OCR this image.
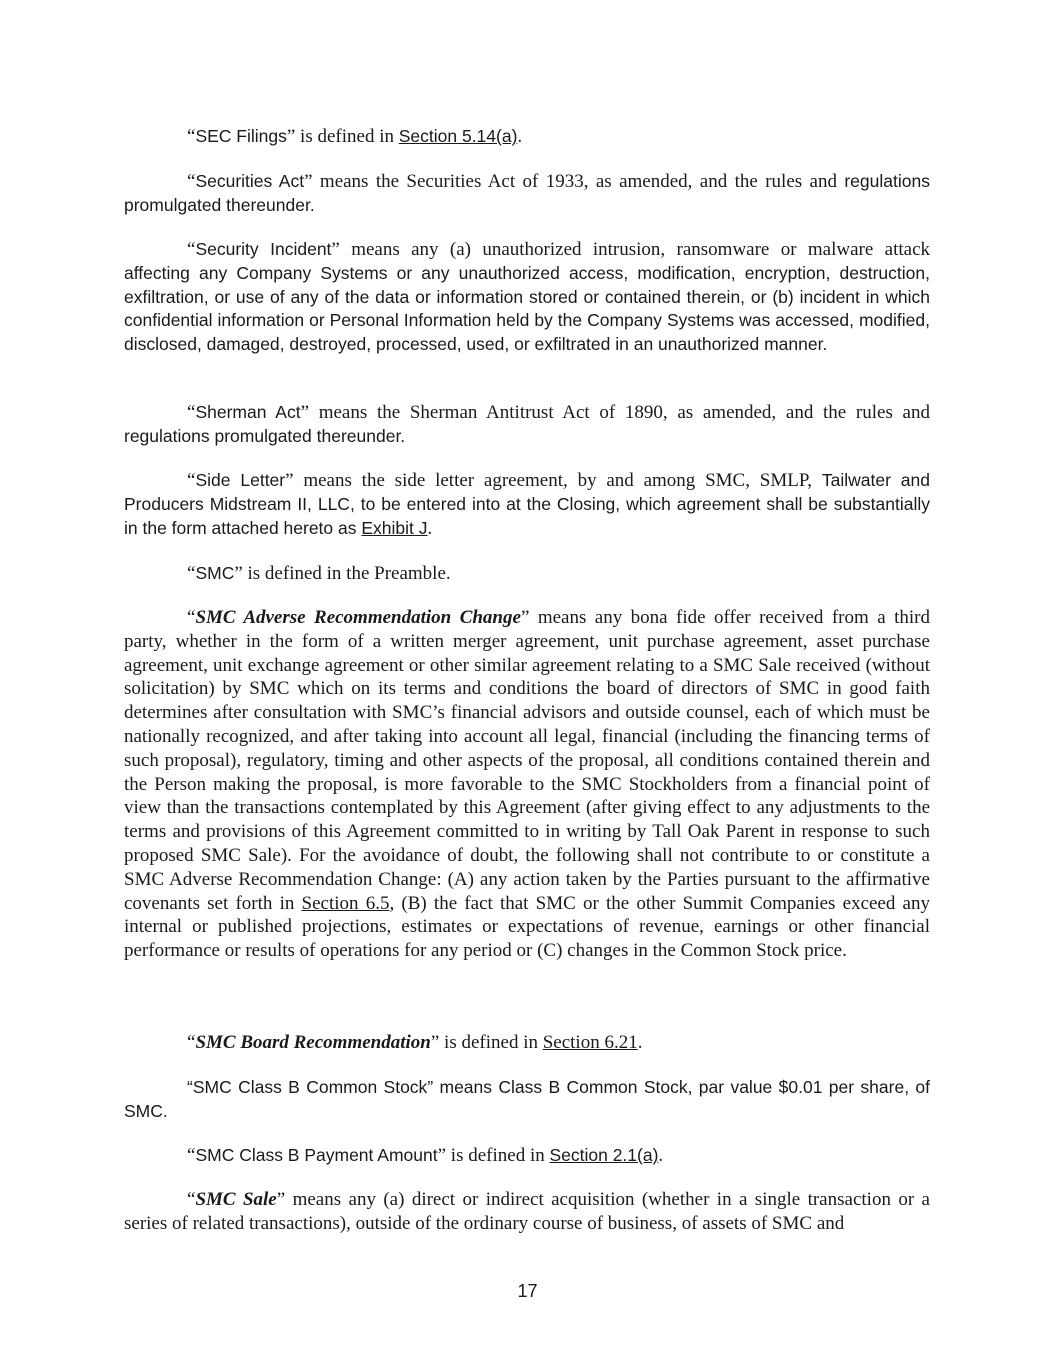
“SEC Filings” is defined in Section 5.14(a).

“Securities Act” means the Securities Act of 1933, as amended, and the rules and regulations promulgated thereunder.

“Security Incident” means any (a) unauthorized intrusion, ransomware or malware attack affecting any Company Systems or any unauthorized access, modification, encryption, destruction, exfiltration, or use of any of the data or information stored or contained therein, or (b) incident in which confidential information or Personal Information held by the Company Systems was accessed, modified, disclosed, damaged, destroyed, processed, used, or exfiltrated in an unauthorized manner.

“Sherman Act” means the Sherman Antitrust Act of 1890, as amended, and the rules and regulations promulgated thereunder.

“Side Letter” means the side letter agreement, by and among SMC, SMLP, Tailwater and Producers Midstream II, LLC, to be entered into at the Closing, which agreement shall be substantially in the form attached hereto as Exhibit J.

“SMC” is defined in the Preamble.

“SMC Adverse Recommendation Change” means any bona fide offer received from a third party, whether in the form of a written merger agreement, unit purchase agreement, asset purchase agreement, unit exchange agreement or other similar agreement relating to a SMC Sale received (without solicitation) by SMC which on its terms and conditions the board of directors of SMC in good faith determines after consultation with SMC’s financial advisors and outside counsel, each of which must be nationally recognized, and after taking into account all legal, financial (including the financing terms of such proposal), regulatory, timing and other aspects of the proposal, all conditions contained therein and the Person making the proposal, is more favorable to the SMC Stockholders from a financial point of view than the transactions contemplated by this Agreement (after giving effect to any adjustments to the terms and provisions of this Agreement committed to in writing by Tall Oak Parent in response to such proposed SMC Sale). For the avoidance of doubt, the following shall not contribute to or constitute a SMC Adverse Recommendation Change: (A) any action taken by the Parties pursuant to the affirmative covenants set forth in Section 6.5, (B) the fact that SMC or the other Summit Companies exceed any internal or published projections, estimates or expectations of revenue, earnings or other financial performance or results of operations for any period or (C) changes in the Common Stock price.

“SMC Board Recommendation” is defined in Section 6.21.

“SMC Class B Common Stock” means Class B Common Stock, par value $0.01 per share, of SMC.

“SMC Class B Payment Amount” is defined in Section 2.1(a).

“SMC Sale” means any (a) direct or indirect acquisition (whether in a single transaction or a series of related transactions), outside of the ordinary course of business, of assets of SMC and

17
